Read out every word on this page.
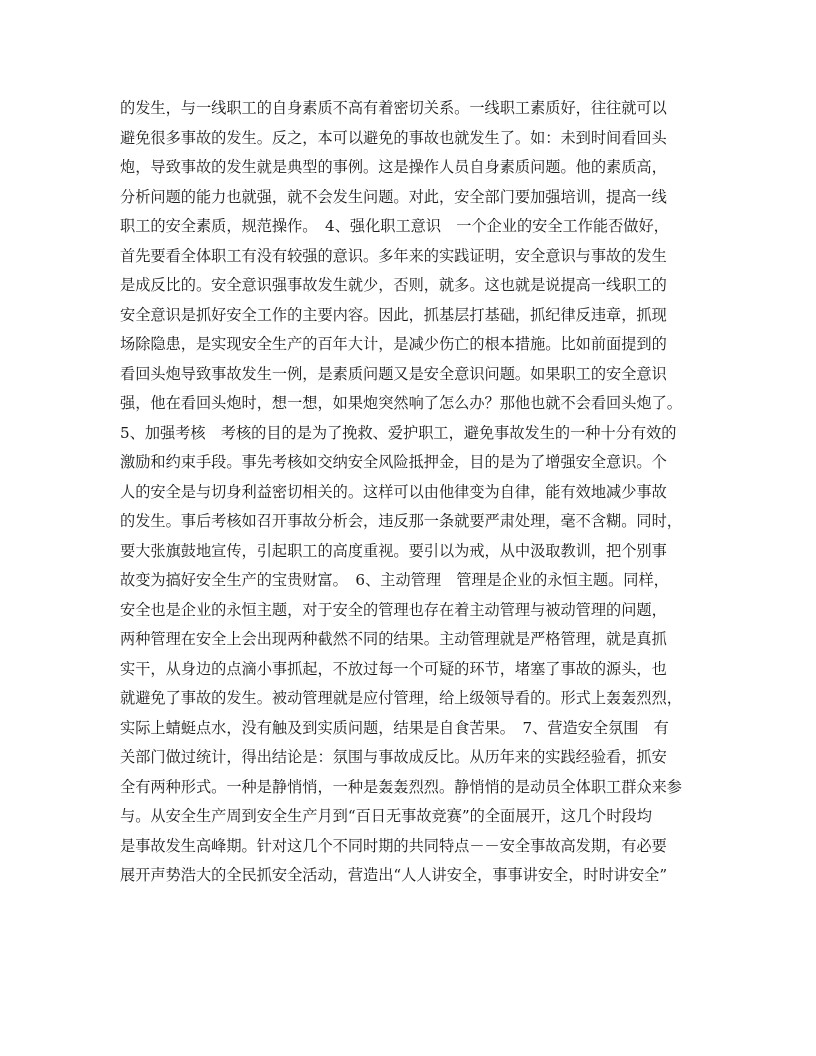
的发生，与一线职工的自身素质不高有着密切关系。一线职工素质好，往往就可以
避免很多事故的发生。反之，本可以避免的事故也就发生了。如：未到时间看回头
炮，导致事故的发生就是典型的事例。这是操作人员自身素质问题。他的素质高，
分析问题的能力也就强，就不会发生问题。对此，安全部门要加强培训，提高一线
职工的安全素质，规范操作。　4、强化职工意识　一个企业的安全工作能否做好，
首先要看全体职工有没有较强的意识。多年来的实践证明，安全意识与事故的发生
是成反比的。安全意识强事故发生就少，否则，就多。这也就是说提高一线职工的
安全意识是抓好安全工作的主要内容。因此，抓基层打基础，抓纪律反违章，抓现
场除隐患，是实现安全生产的百年大计，是减少伤亡的根本措施。比如前面提到的
看回头炮导致事故发生一例，是素质问题又是安全意识问题。如果职工的安全意识
强，他在看回头炮时，想一想，如果炮突然响了怎么办？那他也就不会看回头炮了。
5、加强考核　考核的目的是为了挽救、爱护职工，避免事故发生的一种十分有效的
激励和约束手段。事先考核如交纳安全风险抵押金，目的是为了增强安全意识。个
人的安全是与切身利益密切相关的。这样可以由他律变为自律，能有效地减少事故
的发生。事后考核如召开事故分析会，违反那一条就要严肃处理，毫不含糊。同时，
要大张旗鼓地宣传，引起职工的高度重视。要引以为戒，从中汲取教训，把个别事
故变为搞好安全生产的宝贵财富。　6、主动管理　管理是企业的永恒主题。同样，
安全也是企业的永恒主题，对于安全的管理也存在着主动管理与被动管理的问题，
两种管理在安全上会出现两种截然不同的结果。主动管理就是严格管理，就是真抓
实干，从身边的点滴小事抓起，不放过每一个可疑的环节，堵塞了事故的源头，也
就避免了事故的发生。被动管理就是应付管理，给上级领导看的。形式上轰轰烈烈，
实际上蜻蜓点水，没有触及到实质问题，结果是自食苦果。　7、营造安全氛围　有
关部门做过统计，得出结论是：氛围与事故成反比。从历年来的实践经验看，抓安
全有两种形式。一种是静悄悄，一种是轰轰烈烈。静悄悄的是动员全体职工群众来参
与。从安全生产周到安全生产月到“百日无事故竞赛”的全面展开，这几个时段均
是事故发生高峰期。针对这几个不同时期的共同特点－－安全事故高发期，有必要
展开声势浩大的全民抓安全活动，营造出“人人讲安全，事事讲安全，时时讲安全”
